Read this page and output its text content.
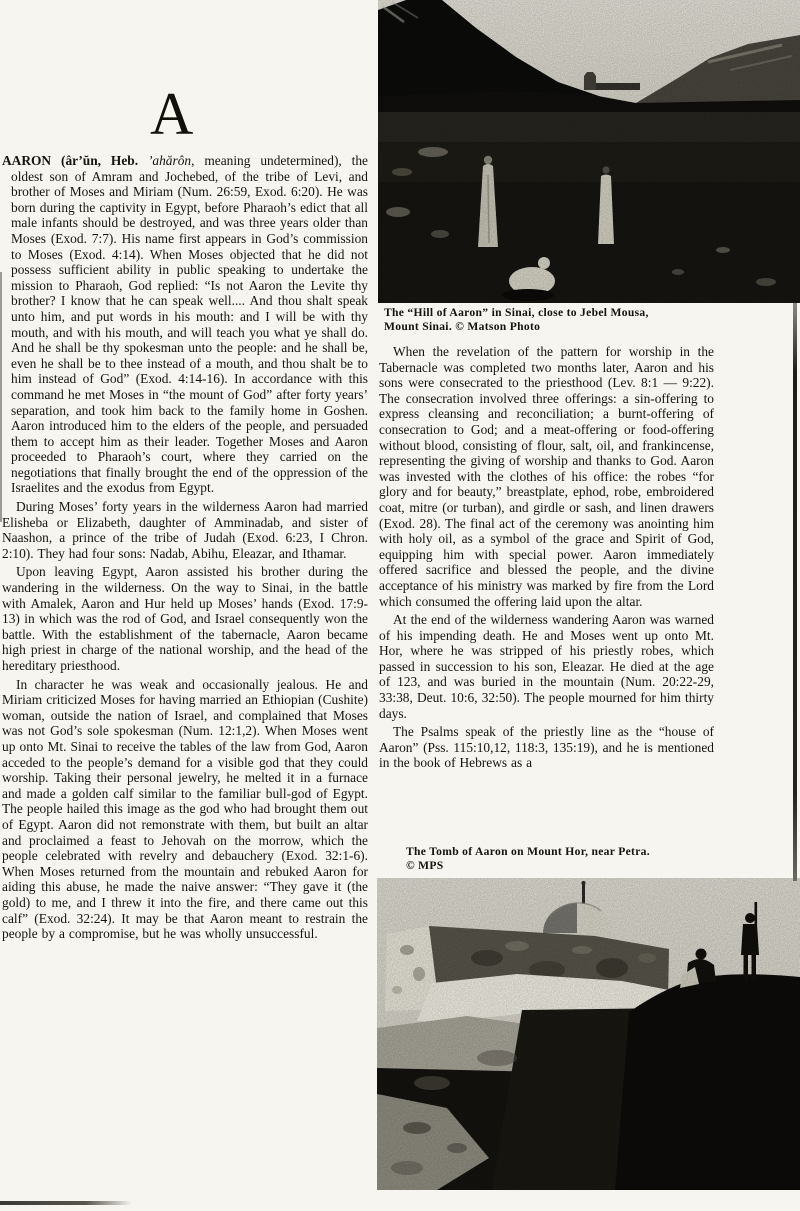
A
The “Hill of Aaron” in Sinai, close to Jebel Mousa,
Mount Sinai. © Matson Photo

AARON (âr’ŭn, Heb. ’ahărôn, meaning undetermined), the oldest son of Amram and Jochebed, of the tribe of Levi, and brother of Moses and Miriam (Num. 26:59, Exod. 6:20). He was born during the captivity in Egypt, before Pharaoh’s edict that all male infants should be destroyed, and was three years older than Moses (Exod. 7:7). His name first appears in God’s commission to Moses (Exod. 4:14). When Moses objected that he did not possess sufficient ability in public speaking to undertake the mission to Pharaoh, God replied: “Is not Aaron the Levite thy brother? I know that he can speak well.... And thou shalt speak unto him, and put words in his mouth: and I will be with thy mouth, and with his mouth, and will teach you what ye shall do. And he shall be thy spokesman unto the people: and he shall be, even he shall be to thee instead of a mouth, and thou shalt be to him instead of God” (Exod. 4:14-16). In accordance with this command he met Moses in “the mount of God” after forty years’ separation, and took him back to the family home in Goshen. Aaron introduced him to the elders of the people, and persuaded them to accept him as their leader. Together Moses and Aaron proceeded to Pharaoh’s court, where they carried on the negotiations that finally brought the end of the oppression of the Israelites and the exodus from Egypt.

During Moses’ forty years in the wilderness Aaron had married Elisheba or Elizabeth, daughter of Amminadab, and sister of Naashon, a prince of the tribe of Judah (Exod. 6:23, I Chron. 2:10). They had four sons: Nadab, Abihu, Eleazar, and Ithamar.

Upon leaving Egypt, Aaron assisted his brother during the wandering in the wilderness. On the way to Sinai, in the battle with Amalek, Aaron and Hur held up Moses’ hands (Exod. 17:9-13) in which was the rod of God, and Israel consequently won the battle. With the establishment of the tabernacle, Aaron became high priest in charge of the national worship, and the head of the hereditary priesthood.

In character he was weak and occasionally jealous. He and Miriam criticized Moses for having married an Ethiopian (Cushite) woman, outside the nation of Israel, and complained that Moses was not God’s sole spokesman (Num. 12:1,2). When Moses went up onto Mt. Sinai to receive the tables of the law from God, Aaron acceded to the people’s demand for a visible god that they could worship. Taking their personal jewelry, he melted it in a furnace and made a golden calf similar to the familiar bull-god of Egypt. The people hailed this image as the god who had brought them out of Egypt. Aaron did not remonstrate with them, but built an altar and proclaimed a feast to Jehovah on the morrow, which the people celebrated with revelry and debauchery (Exod. 32:1-6). When Moses returned from the mountain and rebuked Aaron for aiding this abuse, he made the naive answer: “They gave it (the gold) to me, and I threw it into the fire, and there came out this calf” (Exod. 32:24). It may be that Aaron meant to restrain the people by a compromise, but he was wholly unsuccessful.

When the revelation of the pattern for worship in the Tabernacle was completed two months later, Aaron and his sons were consecrated to the priesthood (Lev. 8:1 — 9:22). The consecration involved three offerings: a sin-offering to express cleansing and reconciliation; a burnt-offering of consecration to God; and a meat-offering or food-offering without blood, consisting of flour, salt, oil, and frankincense, representing the giving of worship and thanks to God. Aaron was invested with the clothes of his office: the robes “for glory and for beauty,” breastplate, ephod, robe, embroidered coat, mitre (or turban), and girdle or sash, and linen drawers (Exod. 28). The final act of the ceremony was anointing him with holy oil, as a symbol of the grace and Spirit of God, equipping him with special power. Aaron immediately offered sacrifice and blessed the people, and the divine acceptance of his ministry was marked by fire from the Lord which consumed the offering laid upon the altar.

At the end of the wilderness wandering Aaron was warned of his impending death. He and Moses went up onto Mt. Hor, where he was stripped of his priestly robes, which passed in succession to his son, Eleazar. He died at the age of 123, and was buried in the mountain (Num. 20:22-29, 33:38, Deut. 10:6, 32:50). The people mourned for him thirty days.

The Psalms speak of the priestly line as the “house of Aaron” (Pss. 115:10,12, 118:3, 135:19), and he is mentioned in the book of Hebrews as a

The Tomb of Aaron on Mount Hor, near Petra.
© MPS
